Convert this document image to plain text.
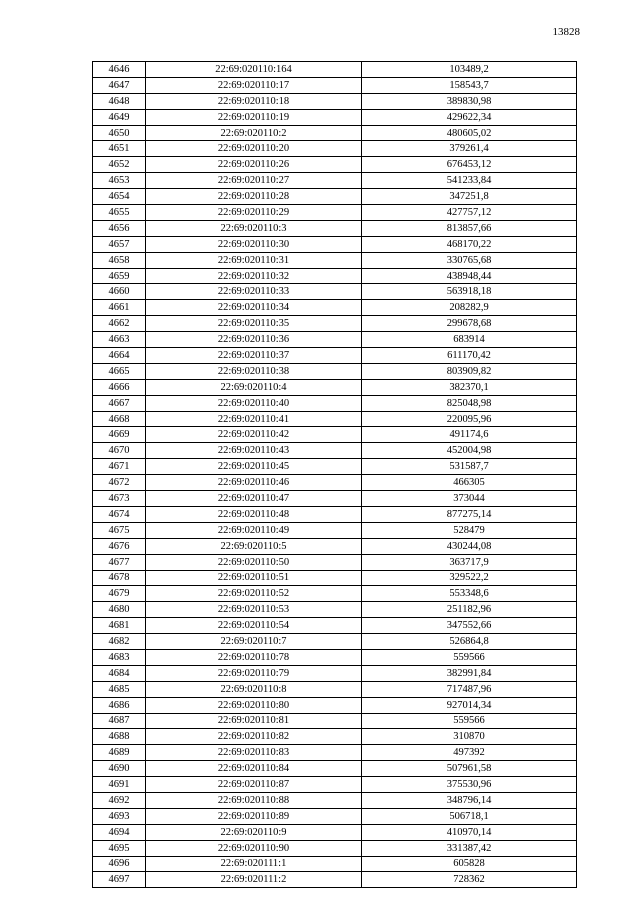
13828
4646	22:69:020110:164	103489,2
4647	22:69:020110:17	158543,7
4648	22:69:020110:18	389830,98
4649	22:69:020110:19	429622,34
4650	22:69:020110:2	480605,02
4651	22:69:020110:20	379261,4
4652	22:69:020110:26	676453,12
4653	22:69:020110:27	541233,84
4654	22:69:020110:28	347251,8
4655	22:69:020110:29	427757,12
4656	22:69:020110:3	813857,66
4657	22:69:020110:30	468170,22
4658	22:69:020110:31	330765,68
4659	22:69:020110:32	438948,44
4660	22:69:020110:33	563918,18
4661	22:69:020110:34	208282,9
4662	22:69:020110:35	299678,68
4663	22:69:020110:36	683914
4664	22:69:020110:37	611170,42
4665	22:69:020110:38	803909,82
4666	22:69:020110:4	382370,1
4667	22:69:020110:40	825048,98
4668	22:69:020110:41	220095,96
4669	22:69:020110:42	491174,6
4670	22:69:020110:43	452004,98
4671	22:69:020110:45	531587,7
4672	22:69:020110:46	466305
4673	22:69:020110:47	373044
4674	22:69:020110:48	877275,14
4675	22:69:020110:49	528479
4676	22:69:020110:5	430244,08
4677	22:69:020110:50	363717,9
4678	22:69:020110:51	329522,2
4679	22:69:020110:52	553348,6
4680	22:69:020110:53	251182,96
4681	22:69:020110:54	347552,66
4682	22:69:020110:7	526864,8
4683	22:69:020110:78	559566
4684	22:69:020110:79	382991,84
4685	22:69:020110:8	717487,96
4686	22:69:020110:80	927014,34
4687	22:69:020110:81	559566
4688	22:69:020110:82	310870
4689	22:69:020110:83	497392
4690	22:69:020110:84	507961,58
4691	22:69:020110:87	375530,96
4692	22:69:020110:88	348796,14
4693	22:69:020110:89	506718,1
4694	22:69:020110:9	410970,14
4695	22:69:020110:90	331387,42
4696	22:69:020111:1	605828
4697	22:69:020111:2	728362
